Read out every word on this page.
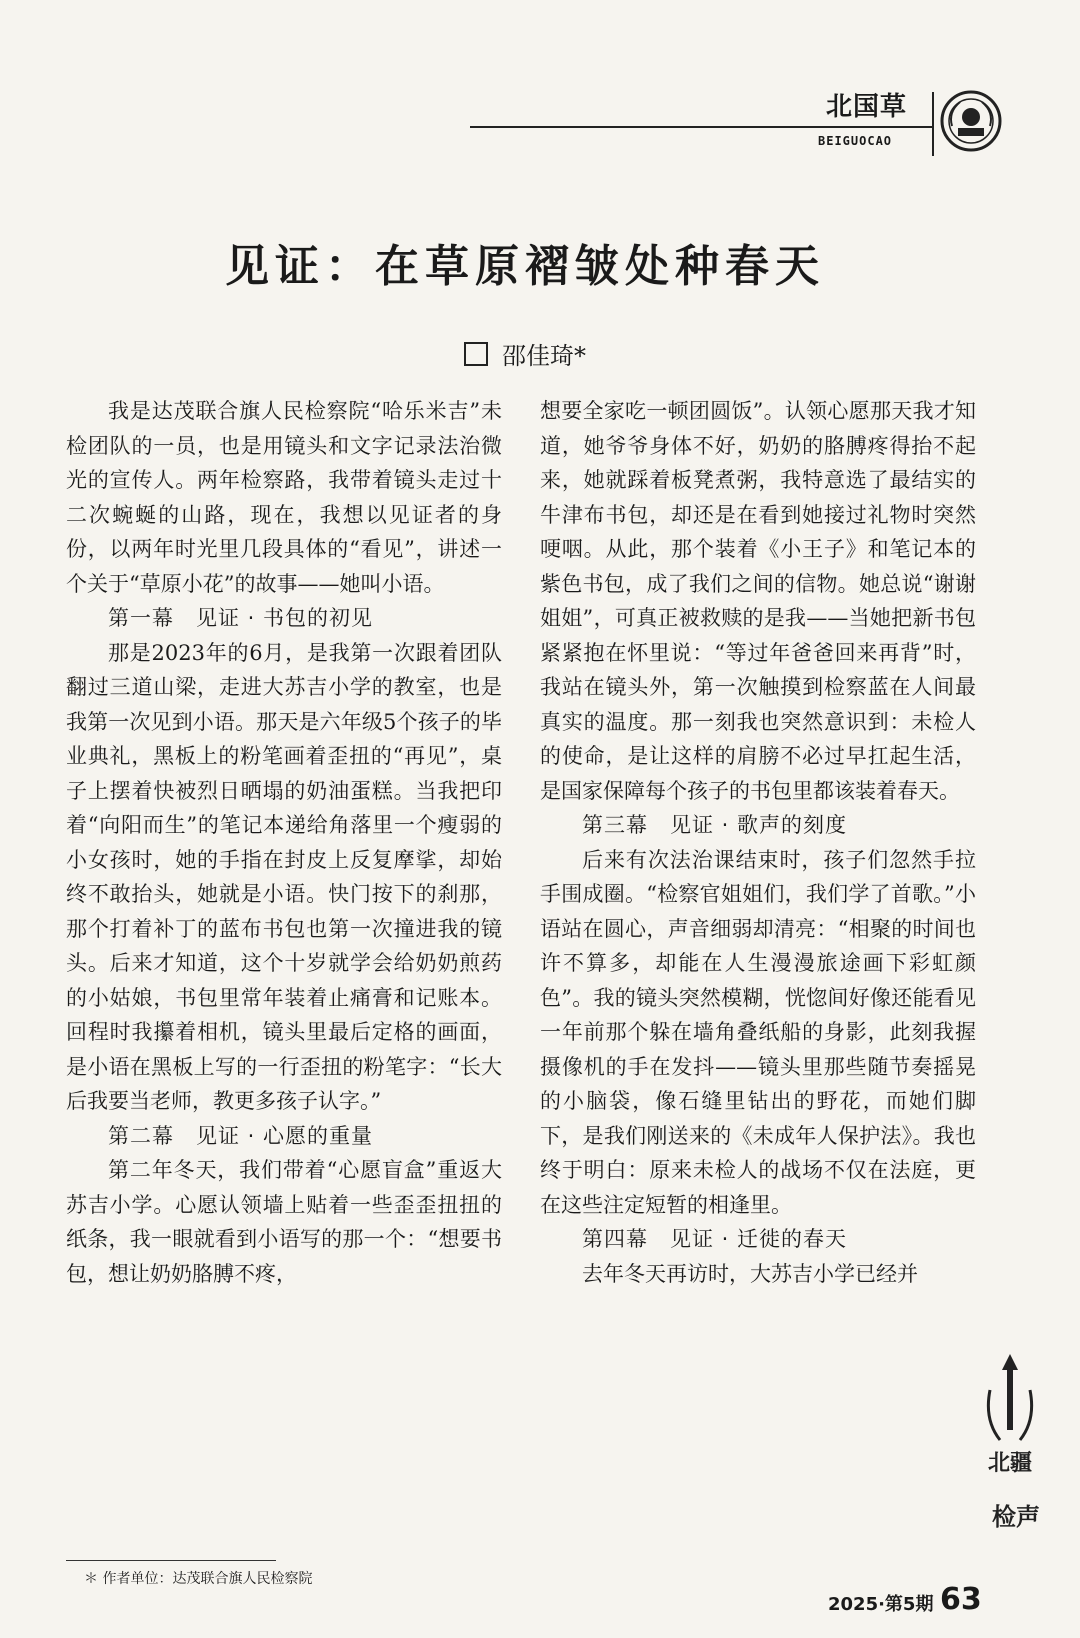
北国草
BEIGUOCAO
见证：在草原褶皱处种春天
邵佳琦*

我是达茂联合旗人民检察院“哈乐米吉”未检团队的一员，也是用镜头和文字记录法治微光的宣传人。两年检察路，我带着镜头走过十二次蜿蜒的山路，现在，我想以见证者的身份，以两年时光里几段具体的“看见”，讲述一个关于“草原小花”的故事——她叫小语。

第一幕　见证 · 书包的初见

那是2023年的6月，是我第一次跟着团队翻过三道山梁，走进大苏吉小学的教室，也是我第一次见到小语。那天是六年级5个孩子的毕业典礼，黑板上的粉笔画着歪扭的“再见”，桌子上摆着快被烈日晒塌的奶油蛋糕。当我把印着“向阳而生”的笔记本递给角落里一个瘦弱的小女孩时，她的手指在封皮上反复摩挲，却始终不敢抬头，她就是小语。快门按下的刹那，那个打着补丁的蓝布书包也第一次撞进我的镜头。后来才知道，这个十岁就学会给奶奶煎药的小姑娘，书包里常年装着止痛膏和记账本。回程时我攥着相机，镜头里最后定格的画面，是小语在黑板上写的一行歪扭的粉笔字：“长大后我要当老师，教更多孩子认字。”

第二幕　见证 · 心愿的重量

第二年冬天，我们带着“心愿盲盒”重返大苏吉小学。心愿认领墙上贴着一些歪歪扭扭的纸条，我一眼就看到小语写的那一个：“想要书包，想让奶奶胳膊不疼，

想要全家吃一顿团圆饭”。认领心愿那天我才知道，她爷爷身体不好，奶奶的胳膊疼得抬不起来，她就踩着板凳煮粥，我特意选了最结实的牛津布书包，却还是在看到她接过礼物时突然哽咽。从此，那个装着《小王子》和笔记本的紫色书包，成了我们之间的信物。她总说“谢谢姐姐”，可真正被救赎的是我——当她把新书包紧紧抱在怀里说：“等过年爸爸回来再背”时，我站在镜头外，第一次触摸到检察蓝在人间最真实的温度。那一刻我也突然意识到：未检人的使命，是让这样的肩膀不必过早扛起生活，是国家保障每个孩子的书包里都该装着春天。

第三幕　见证 · 歌声的刻度

后来有次法治课结束时，孩子们忽然手拉手围成圈。“检察官姐姐们，我们学了首歌。”小语站在圆心，声音细弱却清亮：“相聚的时间也许不算多，却能在人生漫漫旅途画下彩虹颜色”。我的镜头突然模糊，恍惚间好像还能看见一年前那个躲在墙角叠纸船的身影，此刻我握摄像机的手在发抖——镜头里那些随节奏摇晃的小脑袋，像石缝里钻出的野花，而她们脚下，是我们刚送来的《未成年人保护法》。我也终于明白：原来未检人的战场不仅在法庭，更在这些注定短暂的相逢里。

第四幕　见证 · 迁徙的春天

去年冬天再访时，大苏吉小学已经并

＊ 作者单位：达茂联合旗人民检察院
北疆
检声
2025·第5期 63
